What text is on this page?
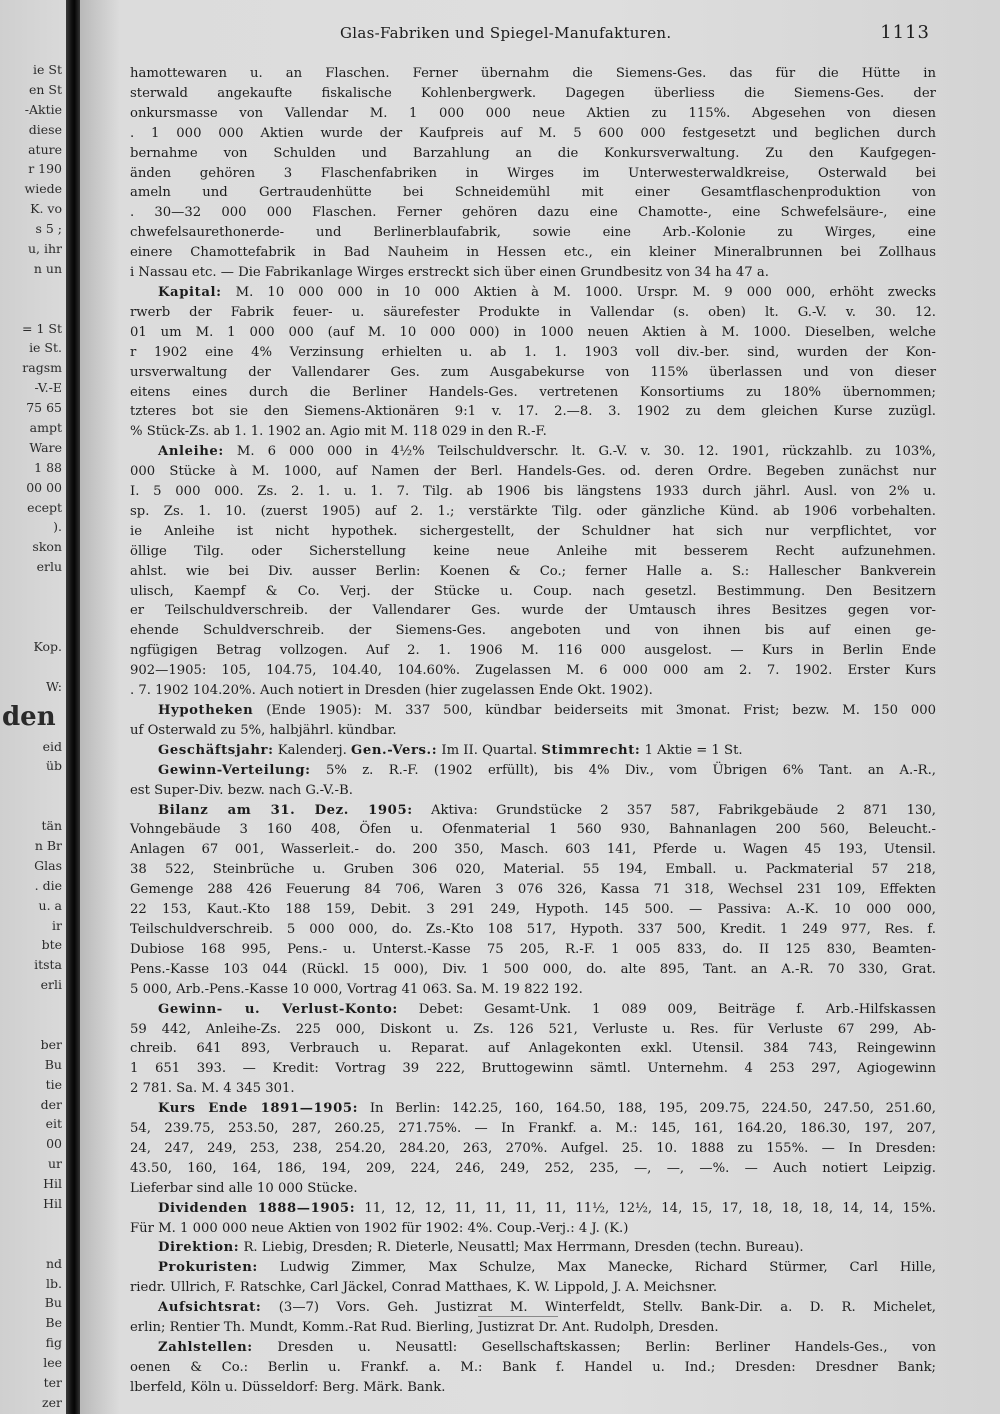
ie St
en St
-Aktie
diese
ature
r 190
wiede
K. vo
s 5 ;
u, ihr
n un
= 1 St
ie St.
ragsm
-V.-E
75 65
ampt
Ware
1 88
00 00
ecept
).
skon
erlu
Kop.
W:
den
eid
üb
tän
n Br
Glas
. die
u. a
ir
bte
itsta
erli
ber
Bu
tie
der
eit
00
ur
Hil
Hil
nd
lb.
Bu
Be
fig
lee
ter
zer
Glas-Fabriken und Spiegel-Manufakturen.	1113
hamottewaren u. an Flaschen. Ferner übernahm die Siemens-Ges. das für die Hütte in
sterwald angekaufte fiskalische Kohlenbergwerk. Dagegen überliess die Siemens-Ges. der
onkursmasse von Vallendar M. 1 000 000 neue Aktien zu 115%. Abgesehen von diesen
. 1 000 000 Aktien wurde der Kaufpreis auf M. 5 600 000 festgesetzt und beglichen durch
bernahme von Schulden und Barzahlung an die Konkursverwaltung. Zu den Kaufgegen-
änden gehören 3 Flaschenfabriken in Wirges im Unterwesterwaldkreise, Osterwald bei
ameln und Gertraudenhütte bei Schneidemühl mit einer Gesamtflaschenproduktion von
. 30—32 000 000 Flaschen. Ferner gehören dazu eine Chamotte-, eine Schwefelsäure-, eine
chwefelsaurethonerde- und Berlinerblaufabrik, sowie eine Arb.-Kolonie zu Wirges, eine
einere Chamottefabrik in Bad Nauheim in Hessen etc., ein kleiner Mineralbrunnen bei Zollhaus
i Nassau etc. — Die Fabrikanlage Wirges erstreckt sich über einen Grundbesitz von 34 ha 47 a.
Kapital: M. 10 000 000 in 10 000 Aktien à M. 1000. Urspr. M. 9 000 000, erhöht zwecks
rwerb der Fabrik feuer- u. säurefester Produkte in Vallendar (s. oben) lt. G.-V. v. 30. 12.
01 um M. 1 000 000 (auf M. 10 000 000) in 1000 neuen Aktien à M. 1000. Dieselben, welche
r 1902 eine 4% Verzinsung erhielten u. ab 1. 1. 1903 voll div.-ber. sind, wurden der Kon-
ursverwaltung der Vallendarer Ges. zum Ausgabekurse von 115% überlassen und von dieser
eitens eines durch die Berliner Handels-Ges. vertretenen Konsortiums zu 180% übernommen;
tzteres bot sie den Siemens-Aktionären 9:1 v. 17. 2.—8. 3. 1902 zu dem gleichen Kurse zuzügl.
% Stück-Zs. ab 1. 1. 1902 an. Agio mit M. 118 029 in den R.-F.
Anleihe: M. 6 000 000 in 4½% Teilschuldverschr. lt. G.-V. v. 30. 12. 1901, rückzahlb. zu 103%,
000 Stücke à M. 1000, auf Namen der Berl. Handels-Ges. od. deren Ordre. Begeben zunächst nur
I. 5 000 000. Zs. 2. 1. u. 1. 7. Tilg. ab 1906 bis längstens 1933 durch jährl. Ausl. von 2% u.
sp. Zs. 1. 10. (zuerst 1905) auf 2. 1.; verstärkte Tilg. oder gänzliche Künd. ab 1906 vorbehalten.
ie Anleihe ist nicht hypothek. sichergestellt, der Schuldner hat sich nur verpflichtet, vor
öllige Tilg. oder Sicherstellung keine neue Anleihe mit besserem Recht aufzunehmen.
ahlst. wie bei Div. ausser Berlin: Koenen & Co.; ferner Halle a. S.: Hallescher Bankverein
ulisch, Kaempf & Co. Verj. der Stücke u. Coup. nach gesetzl. Bestimmung. Den Besitzern
er Teilschuldverschreib. der Vallendarer Ges. wurde der Umtausch ihres Besitzes gegen vor-
ehende Schuldverschreib. der Siemens-Ges. angeboten und von ihnen bis auf einen ge-
ngfügigen Betrag vollzogen. Auf 2. 1. 1906 M. 116 000 ausgelost. — Kurs in Berlin Ende
902—1905: 105, 104.75, 104.40, 104.60%. Zugelassen M. 6 000 000 am 2. 7. 1902. Erster Kurs
. 7. 1902 104.20%. Auch notiert in Dresden (hier zugelassen Ende Okt. 1902).
Hypotheken (Ende 1905): M. 337 500, kündbar beiderseits mit 3monat. Frist; bezw. M. 150 000
uf Osterwald zu 5%, halbjährl. kündbar.
Geschäftsjahr: Kalenderj. Gen.-Vers.: Im II. Quartal. Stimmrecht: 1 Aktie = 1 St.
Gewinn-Verteilung: 5% z. R.-F. (1902 erfüllt), bis 4% Div., vom Übrigen 6% Tant. an A.-R.,
est Super-Div. bezw. nach G.-V.-B.
Bilanz am 31. Dez. 1905: Aktiva: Grundstücke 2 357 587, Fabrikgebäude 2 871 130,
Vohngebäude 3 160 408, Öfen u. Ofenmaterial 1 560 930, Bahnanlagen 200 560, Beleucht.-
Anlagen 67 001, Wasserleit.- do. 200 350, Masch. 603 141, Pferde u. Wagen 45 193, Utensil.
38 522, Steinbrüche u. Gruben 306 020, Material. 55 194, Emball. u. Packmaterial 57 218,
Gemenge 288 426 Feuerung 84 706, Waren 3 076 326, Kassa 71 318, Wechsel 231 109, Effekten
22 153, Kaut.-Kto 188 159, Debit. 3 291 249, Hypoth. 145 500. — Passiva: A.-K. 10 000 000,
Teilschuldverschreib. 5 000 000, do. Zs.-Kto 108 517, Hypoth. 337 500, Kredit. 1 249 977, Res. f.
Dubiose 168 995, Pens.- u. Unterst.-Kasse 75 205, R.-F. 1 005 833, do. II 125 830, Beamten-
Pens.-Kasse 103 044 (Rückl. 15 000), Div. 1 500 000, do. alte 895, Tant. an A.-R. 70 330, Grat.
5 000, Arb.-Pens.-Kasse 10 000, Vortrag 41 063. Sa. M. 19 822 192.
Gewinn- u. Verlust-Konto: Debet: Gesamt-Unk. 1 089 009, Beiträge f. Arb.-Hilfskassen
59 442, Anleihe-Zs. 225 000, Diskont u. Zs. 126 521, Verluste u. Res. für Verluste 67 299, Ab-
chreib. 641 893, Verbrauch u. Reparat. auf Anlagekonten exkl. Utensil. 384 743, Reingewinn
1 651 393. — Kredit: Vortrag 39 222, Bruttogewinn sämtl. Unternehm. 4 253 297, Agiogewinn
2 781. Sa. M. 4 345 301.
Kurs Ende 1891—1905: In Berlin: 142.25, 160, 164.50, 188, 195, 209.75, 224.50, 247.50, 251.60,
54, 239.75, 253.50, 287, 260.25, 271.75%. — In Frankf. a. M.: 145, 161, 164.20, 186.30, 197, 207,
24, 247, 249, 253, 238, 254.20, 284.20, 263, 270%. Aufgel. 25. 10. 1888 zu 155%. — In Dresden:
43.50, 160, 164, 186, 194, 209, 224, 246, 249, 252, 235, —, —, —%. — Auch notiert Leipzig.
Lieferbar sind alle 10 000 Stücke.
Dividenden 1888—1905: 11, 12, 12, 11, 11, 11, 11, 11½, 12½, 14, 15, 17, 18, 18, 18, 14, 14, 15%.
Für M. 1 000 000 neue Aktien von 1902 für 1902: 4%. Coup.-Verj.: 4 J. (K.)
Direktion: R. Liebig, Dresden; R. Dieterle, Neusattl; Max Herrmann, Dresden (techn. Bureau).
Prokuristen: Ludwig Zimmer, Max Schulze, Max Manecke, Richard Stürmer, Carl Hille,
riedr. Ullrich, F. Ratschke, Carl Jäckel, Conrad Matthaes, K. W. Lippold, J. A. Meichsner.
Aufsichtsrat: (3—7) Vors. Geh. Justizrat M. Winterfeldt, Stellv. Bank-Dir. a. D. R. Michelet,
erlin; Rentier Th. Mundt, Komm.-Rat Rud. Bierling, Justizrat Dr. Ant. Rudolph, Dresden.
Zahlstellen: Dresden u. Neusattl: Gesellschaftskassen; Berlin: Berliner Handels-Ges., von
oenen & Co.: Berlin u. Frankf. a. M.: Bank f. Handel u. Ind.; Dresden: Dresdner Bank;
lberfeld, Köln u. Düsseldorf: Berg. Märk. Bank.
